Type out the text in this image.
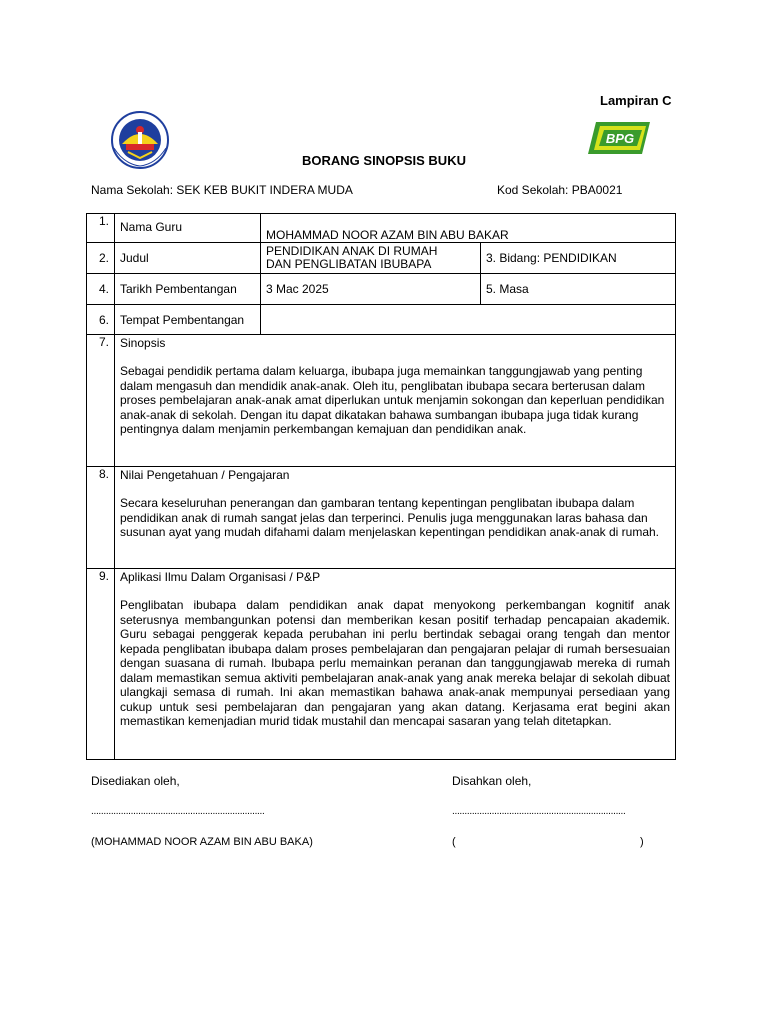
Lampiran C
BPG
BORANG SINOPSIS BUKU
Nama Sekolah: SEK KEB BUKIT INDERA MUDA	Kod Sekolah: PBA0021
1.	Nama Guru	MOHAMMAD NOOR AZAM BIN ABU BAKAR	
2.	Judul	PENDIDIKAN ANAK DI RUMAH
DAN PENGLIBATAN IBUBAPA	3. Bidang: PENDIDIKAN
4.	Tarikh Pembentangan	3 Mac 2025	5. Masa
6.	Tempat Pembentangan		
7.	Sinopsis
Sebagai pendidik pertama dalam keluarga, ibubapa juga memainkan tanggungjawab yang penting dalam mengasuh dan mendidik anak-anak. Oleh itu, penglibatan ibubapa secara berterusan dalam proses pembelajaran anak-anak amat diperlukan untuk menjamin sokongan dan keperluan pendidikan anak-anak di sekolah. Dengan itu dapat dikatakan bahawa sumbangan ibubapa juga tidak kurang pentingnya dalam menjamin perkembangan kemajuan dan pendidikan anak.		

8.	Nilai Pengetahuan / Pengajaran
Secara keseluruhan penerangan dan gambaran tentang kepentingan penglibatan ibubapa dalam pendidikan anak di rumah sangat jelas dan terperinci. Penulis juga menggunakan laras bahasa dan susunan ayat yang mudah difahami dalam menjelaskan kepentingan pendidikan anak-anak di rumah.		

9.	Aplikasi Ilmu Dalam Organisasi / P&P
Penglibatan ibubapa dalam pendidikan anak dapat menyokong perkembangan kognitif anak seterusnya membangunkan potensi dan memberikan kesan positif terhadap pencapaian akademik. Guru sebagai penggerak kepada perubahan ini perlu bertindak sebagai orang tengah dan mentor kepada penglibatan ibubapa dalam proses pembelajaran dan pengajaran pelajar di rumah bersesuaian dengan suasana di rumah. Ibubapa perlu memainkan peranan dan tanggungjawab mereka di rumah dalam memastikan semua aktiviti pembelajaran anak-anak yang anak mereka belajar di sekolah dibuat ulangkaji semasa di rumah. Ini akan memastikan bahawa anak-anak mempunyai persediaan yang cukup untuk sesi pembelajaran dan pengajaran yang akan datang. Kerjasama erat begini akan memastikan kemenjadian murid tidak mustahil dan mencapai sasaran yang telah ditetapkan.		
Disediakan oleh,	Disahkan oleh,
......................................................................	......................................................................
(MOHAMMAD NOOR AZAM BIN ABU BAKA)	(	)
